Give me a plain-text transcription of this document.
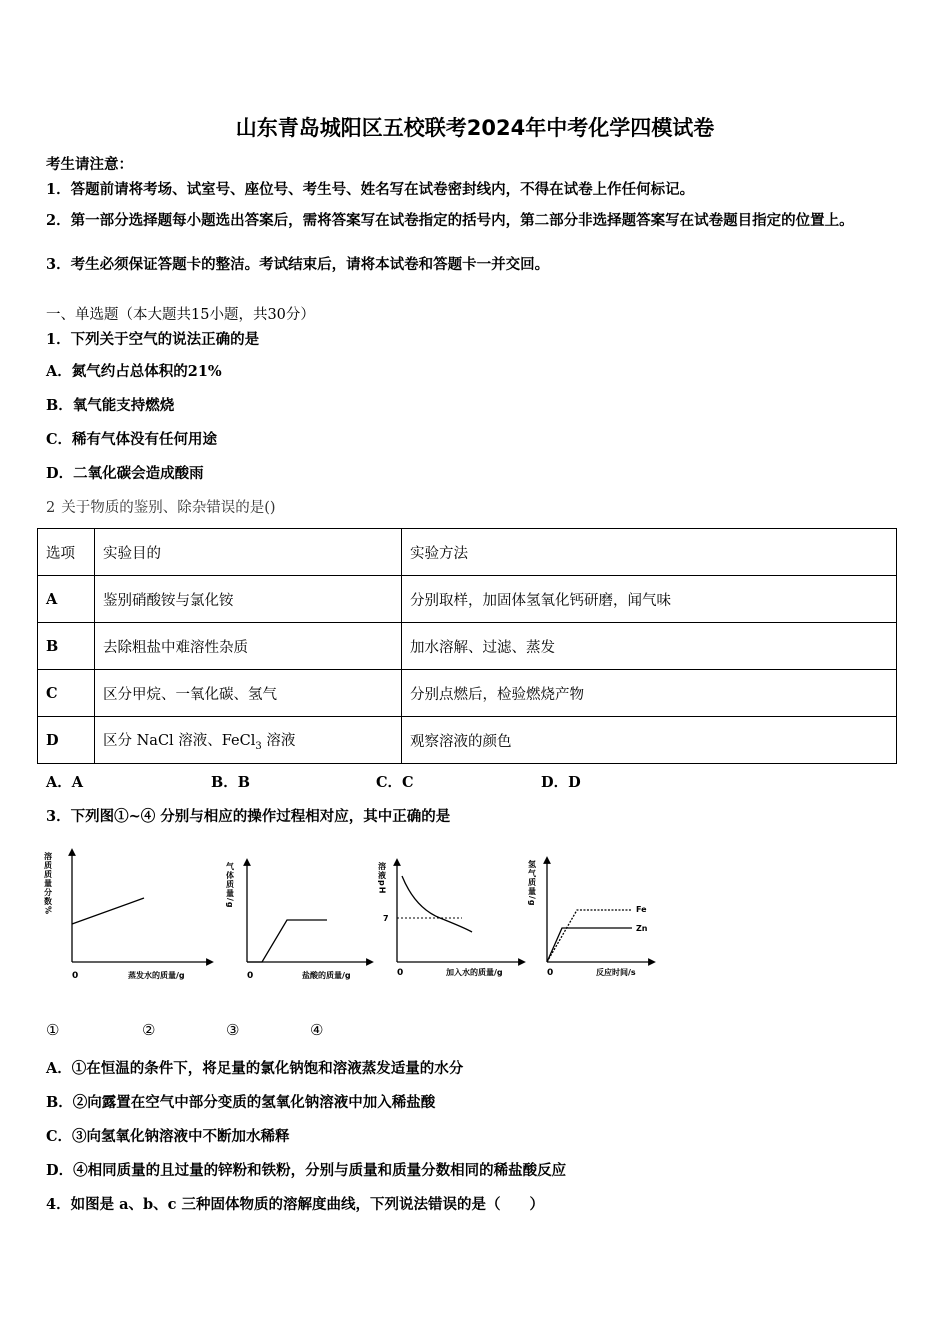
山东青岛城阳区五校联考2024年中考化学四模试卷
考生请注意：
1．答题前请将考场、试室号、座位号、考生号、姓名写在试卷密封线内，不得在试卷上作任何标记。
2．第一部分选择题每小题选出答案后，需将答案写在试卷指定的括号内，第二部分非选择题答案写在试卷题目指定的位置上。
3．考生必须保证答题卡的整洁。考试结束后，请将本试卷和答题卡一并交回。
一、单选题（本大题共15小题，共30分）
1．下列关于空气的说法正确的是
A．氮气约占总体积的21%
B．氧气能支持燃烧
C．稀有气体没有任何用途
D．二氧化碳会造成酸雨
2 关于物质的鉴别、除杂错误的是()
选项	实验目的	实验方法
A	鉴别硝酸铵与氯化铵	分别取样，加固体氢氧化钙研磨，闻气味
B	去除粗盐中难溶性杂质	加水溶解、过滤、蒸发
C	区分甲烷、一氧化碳、氢气	分别点燃后，检验燃烧产物
D	区分 NaCl 溶液、FeCl$_3$ 溶液	观察溶液的颜色
A．A	B．B	C．C	D．D
3．下列图①~④ 分别与相应的操作过程相对应，其中正确的是
溶质质量分数%
0	蒸发水的质量/g
气体质量/g
0	盐酸的质量/g
溶液pH
7
0	加入水的质量/g
氢气质量/g
Fe
Zn
0	反应时间/s
①	②	③	④
A．①在恒温的条件下，将足量的氯化钠饱和溶液蒸发适量的水分
B．②向露置在空气中部分变质的氢氧化钠溶液中加入稀盐酸
C．③向氢氧化钠溶液中不断加水稀释
D．④相同质量的且过量的锌粉和铁粉，分别与质量和质量分数相同的稀盐酸反应
4．如图是 a、b、c 三种固体物质的溶解度曲线，下列说法错误的是（　　）
